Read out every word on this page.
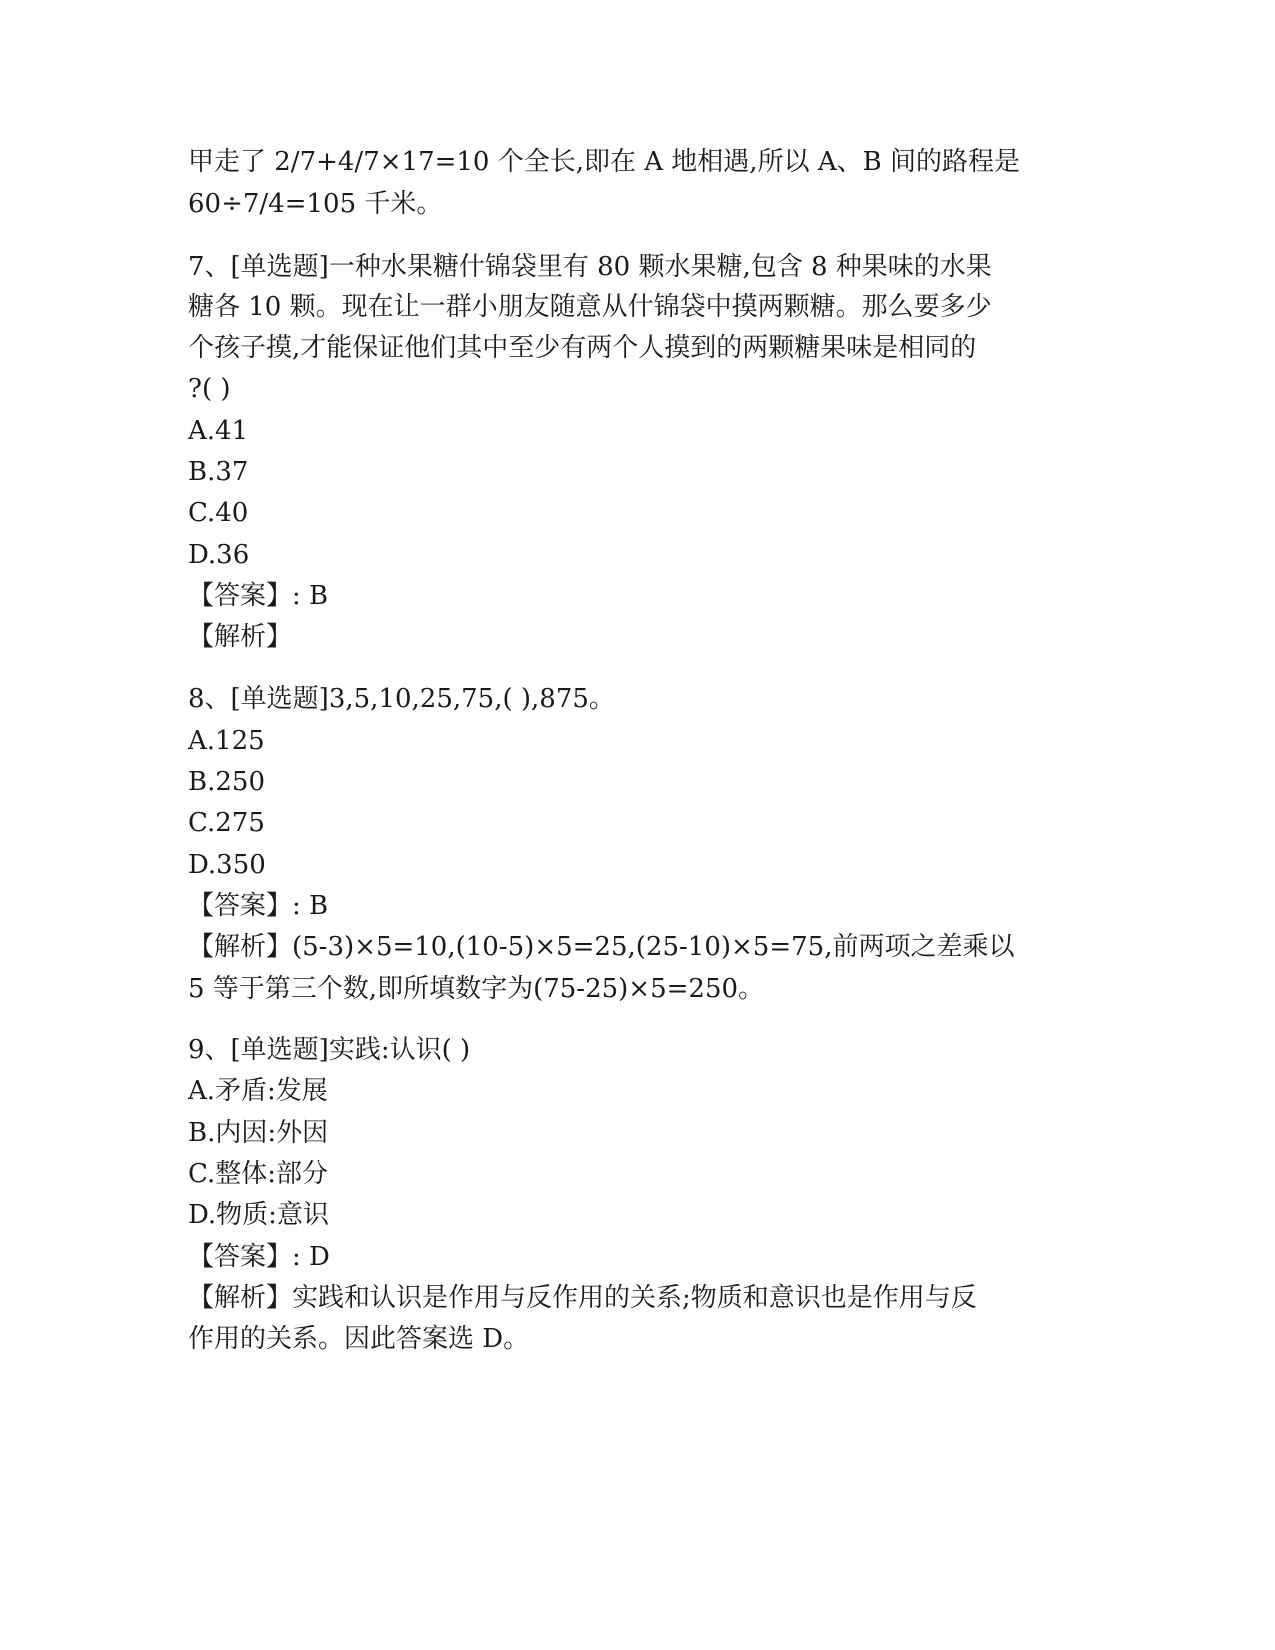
甲走了 2/7+4/7×17=10 个全长,即在 A 地相遇,所以 A、B 间的路程是
60÷7/4=105 千米。
7、[单选题]一种水果糖什锦袋里有 80 颗水果糖,包含 8 种果味的水果
糖各 10 颗。现在让一群小朋友随意从什锦袋中摸两颗糖。那么要多少
个孩子摸,才能保证他们其中至少有两个人摸到的两颗糖果味是相同的
?( )
A.41
B.37
C.40
D.36
【答案】: B
【解析】
8、[单选题]3,5,10,25,75,( ),875。
A.125
B.250
C.275
D.350
【答案】: B
【解析】(5-3)×5=10,(10-5)×5=25,(25-10)×5=75,前两项之差乘以
5 等于第三个数,即所填数字为(75-25)×5=250。
9、[单选题]实践:认识( )
A.矛盾:发展
B.内因:外因
C.整体:部分
D.物质:意识
【答案】: D
【解析】实践和认识是作用与反作用的关系;物质和意识也是作用与反
作用的关系。因此答案选 D。
